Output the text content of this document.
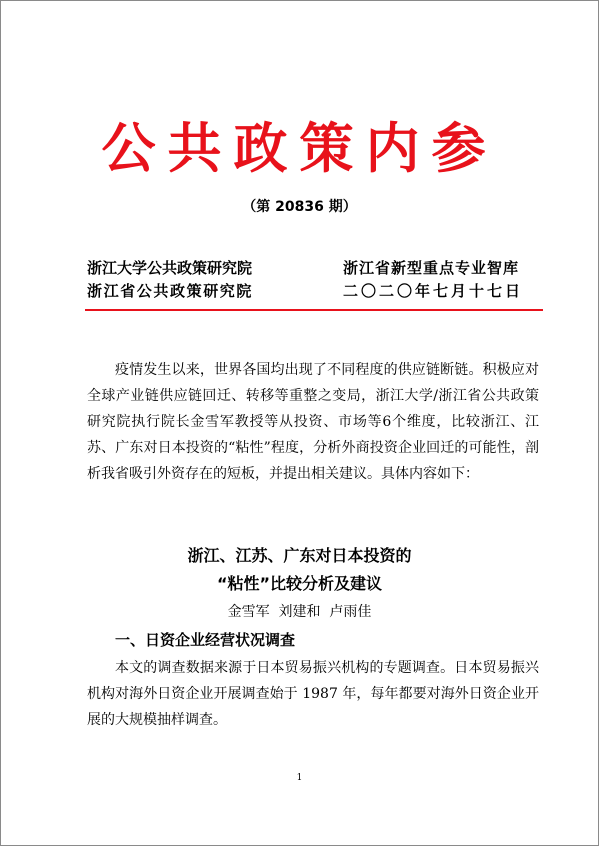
公共政策内参
（第 20836 期）
浙江大学公共政策研究院
浙江省公共政策研究院
浙江省新型重点专业智库
二〇二〇年七月十七日

疫情发生以来，世界各国均出现了不同程度的供应链断链。积极应对全球产业链供应链回迁、转移等重整之变局，浙江大学/浙江省公共政策研究院执行院长金雪军教授等从投资、市场等6个维度，比较浙江、江苏、广东对日本投资的“粘性”程度，分析外商投资企业回迁的可能性，剖析我省吸引外资存在的短板，并提出相关建议。具体内容如下：

浙江、江苏、广东对日本投资的
“粘性”比较分析及建议
金雪军  刘建和  卢雨佳
一、日资企业经营状况调查

本文的调查数据来源于日本贸易振兴机构的专题调查。日本贸易振兴机构对海外日资企业开展调查始于 1987 年，每年都要对海外日资企业开展的大规模抽样调查。

1
